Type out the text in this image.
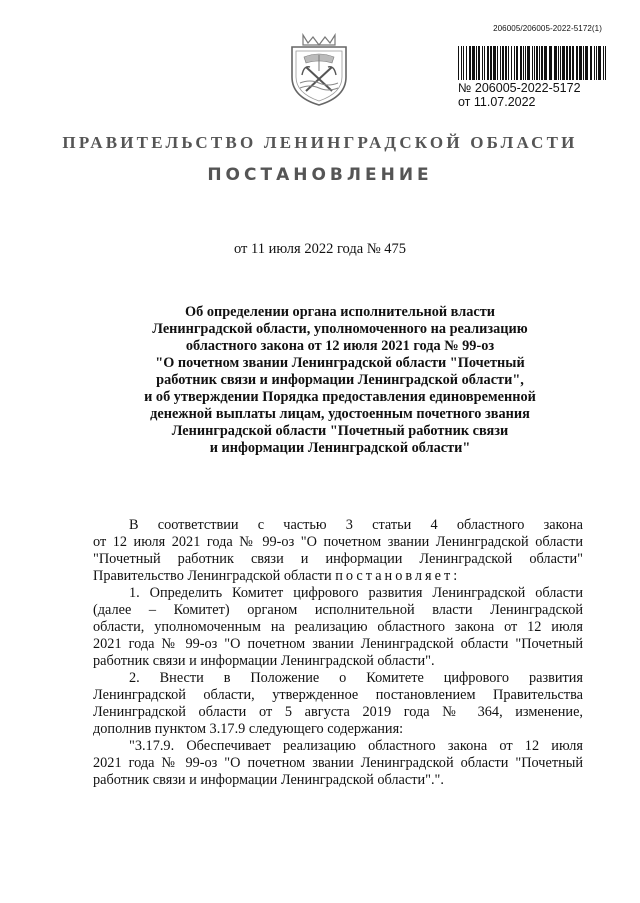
206005/206005-2022-5172(1)
№ 206005-2022-5172
от 11.07.2022
ПРАВИТЕЛЬСТВО ЛЕНИНГРАДСКОЙ ОБЛАСТИ
ПОСТАНОВЛЕНИЕ
от 11 июля 2022 года № 475
Об определении органа исполнительной власти
Ленинградской области, уполномоченного на реализацию
областного закона от 12 июля 2021 года № 99-оз
"О почетном звании Ленинградской области "Почетный
работник связи и информации Ленинградской области",
и об утверждении Порядка предоставления единовременной
денежной выплаты лицам, удостоенным почетного звания
Ленинградской области "Почетный работник связи
и информации Ленинградской области"
В соответствии с частью 3 статьи 4 областного закона
от 12 июля 2021 года № 99-оз "О почетном звании Ленинградской области
"Почетный работник связи и информации Ленинградской области"
Правительство Ленинградской области постановляет:
1. Определить Комитет цифрового развития Ленинградской области
(далее – Комитет) органом исполнительной власти Ленинградской
области, уполномоченным на реализацию областного закона от 12 июля
2021 года № 99-оз "О почетном звании Ленинградской области "Почетный
работник связи и информации Ленинградской области".
2. Внести в Положение о Комитете цифрового развития
Ленинградской области, утвержденное постановлением Правительства
Ленинградской области от 5 августа 2019 года № 364, изменение,
дополнив пунктом 3.17.9 следующего содержания:
"3.17.9. Обеспечивает реализацию областного закона от 12 июля
2021 года № 99-оз "О почетном звании Ленинградской области "Почетный
работник связи и информации Ленинградской области".".
